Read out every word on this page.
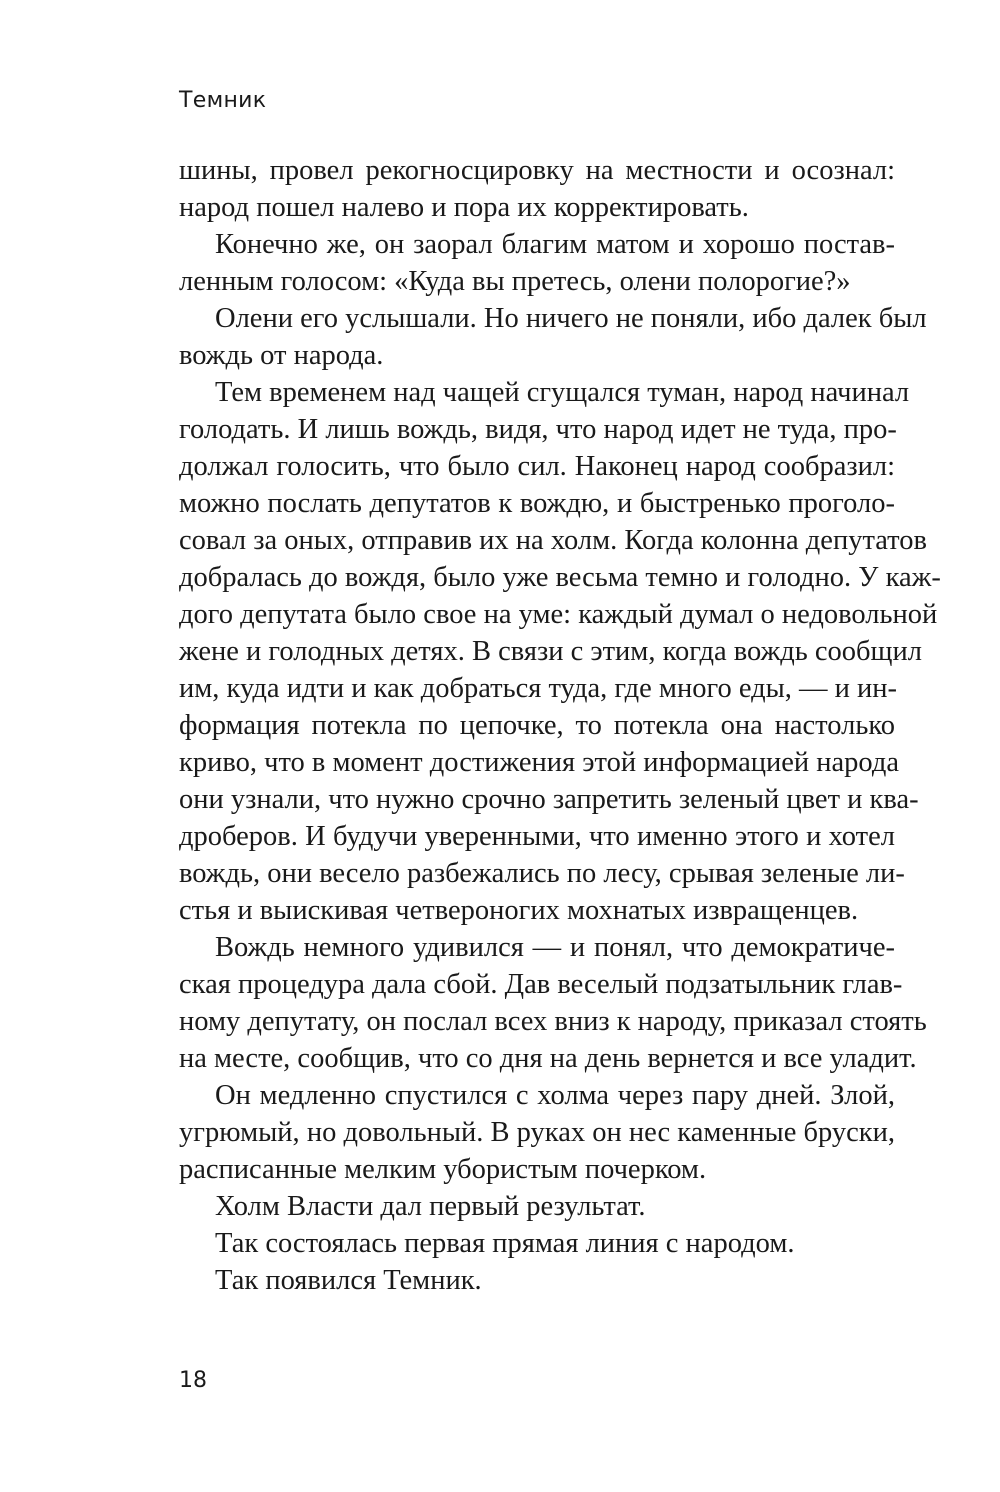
Темник
шины, провел рекогносцировку на местности и осознал:
народ пошел налево и пора их корректировать.
Конечно же, он заорал благим матом и хорошо постав-
ленным голосом: «Куда вы претесь, олени полорогие?»
Олени его услышали. Но ничего не поняли, ибо далек был
вождь от народа.
Тем временем над чащей сгущался туман, народ начинал
голодать. И лишь вождь, видя, что народ идет не туда, про-
должал голосить, что было сил. Наконец народ сообразил:
можно послать депутатов к вождю, и быстренько проголо-
совал за оных, отправив их на холм. Когда колонна депутатов
добралась до вождя, было уже весьма темно и голодно. У каж-
дого депутата было свое на уме: каждый думал о недовольной
жене и голодных детях. В связи с этим, когда вождь сообщил
им, куда идти и как добраться туда, где много еды, — и ин-
формация потекла по цепочке, то потекла она настолько
криво, что в момент достижения этой информацией народа
они узнали, что нужно срочно запретить зеленый цвет и ква-
дроберов. И будучи уверенными, что именно этого и хотел
вождь, они весело разбежались по лесу, срывая зеленые ли-
стья и выискивая четвероногих мохнатых извращенцев.
Вождь немного удивился — и понял, что демократиче-
ская процедура дала сбой. Дав веселый подзатыльник глав-
ному депутату, он послал всех вниз к народу, приказал стоять
на месте, сообщив, что со дня на день вернется и все уладит.
Он медленно спустился с холма через пару дней. Злой,
угрюмый, но довольный. В руках он нес каменные бруски,
расписанные мелким убористым почерком.
Холм Власти дал первый результат.
Так состоялась первая прямая линия с народом.
Так появился Темник.
18
